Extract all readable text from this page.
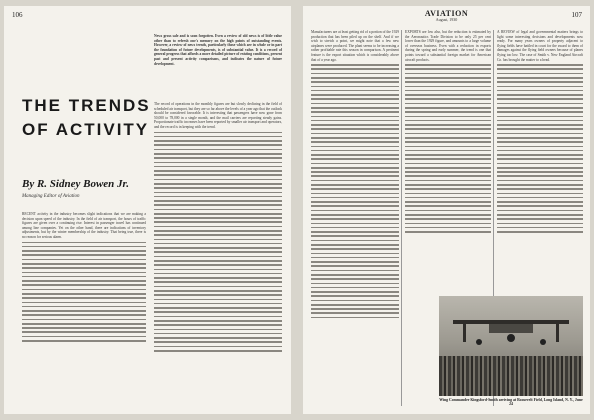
106
THE TRENDS OF ACTIVITY
By R. Sidney Bowen Jr.
Managing Editor of Aviation
News gross sale and is soon forgotten. Even a review of old news is of little value other than to refresh one's memory on the high points of outstanding events. However, a review of news trends, particularly those which are in whole or in part the foundation of future developments, is of substantial value. It is a record of general progress that affords a more detailed picture of existing conditions, present past and present activity comparisons, and indicates the nature of future development.

RECENT activity in the industry becomes slight indications that we are making a decision upon speed of the industry. In the field of air transport, the hours of traffic figures are given over a continuing rise. Interest in passenger travel has continued among line companies. Yet on the other hand, there are indications of inventory adjustments, but by the winter membership of the industry. That being true, there is no reason for serious alarm.

The record of operations in the monthly figures are but slowly declining in the field of scheduled air transport, but they are so far above the levels of a year ago that the outlook should be considered favorable. It is interesting that passengers have now gone from 50,000 to 78,000 in a single month, and the mail carriers are reporting steady gains. Proportionate traffic increases have been reported by smaller air transport and operators, and the record is in keeping with the trend.

AVIATION
August, 1930
107

Manufacturers are at least getting rid of a portion of the 1929 production that has been piled up on the shelf. And if we wish to stretch a point, we might note that a few new airplanes were produced. The plant seems to be increasing a rather profitable rate this season in comparison. A pertinent feature is the export situation which is considerably above that of a year ago.

EXPORTS are low also, but the reduction is estimated by the Aeronautics Trade Division to be only 25 per cent lower than the 1929 figure, and amounts to a large volume of overseas business. Even with a reduction in exports during the spring and early summer, the trend is one that points toward a substantial foreign market for American aircraft products.

A REVIEW of legal and governmental matters brings to light some interesting decisions and developments now ready. For many years owners of property adjacent to flying fields have battled in court for the award to them of damages against the flying field owners because of planes flying too low. The case of Smith v. New England Aircraft Co. has brought the matter to a head.

Wing Commander Kingsford-Smith arriving at Roosevelt Field, Long Island, N. Y., June 24
